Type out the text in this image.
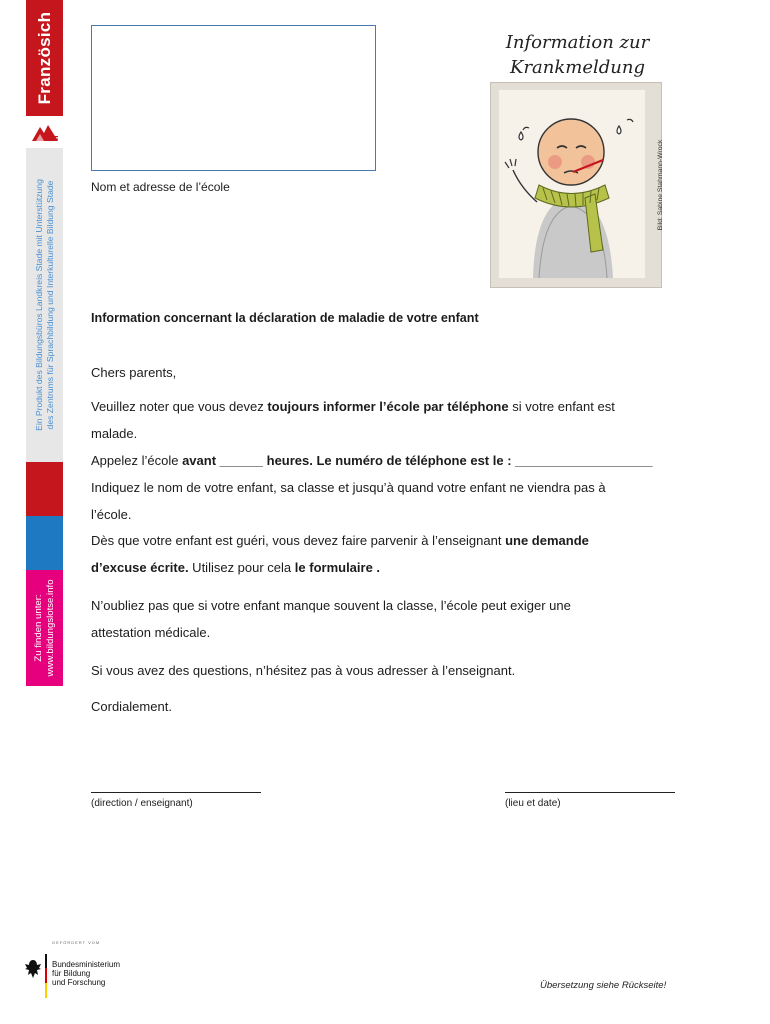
Französich
Ein Produkt des Bildungsbüros Landkreis Stade mit Unterstützung des Zentrums für Sprachbildung und Interkulturelle Bildung Stade
Zu finden unter: www.bildungslotse.info
Nom et adresse de l’école
Information zur
Krankmeldung
Bild: Sabine Stahmann-Wrock
Information concernant la déclaration de maladie de votre enfant
Chers parents,
Veuillez noter que vous devez toujours informer l’école par téléphone si votre enfant est
malade.
Appelez l’école avant ______ heures. Le numéro de téléphone est le : ___________________
Indiquez le nom de votre enfant, sa classe et jusqu’à quand votre enfant ne viendra pas à
l’école.
Dès que votre enfant est guéri, vous devez faire parvenir à l’enseignant une demande
d’excuse écrite. Utilisez pour cela le formulaire .
N’oubliez pas que si votre enfant manque souvent la classe, l’école peut exiger une
attestation médicale.
Si vous avez des questions, n’hésitez pas à vous adresser à l’enseignant.
Cordialement.
(direction / enseignant)	(lieu et date)
GEFÖRDERT VOM
Bundesministerium
für Bildung
und Forschung	Übersetzung siehe Rückseite!
